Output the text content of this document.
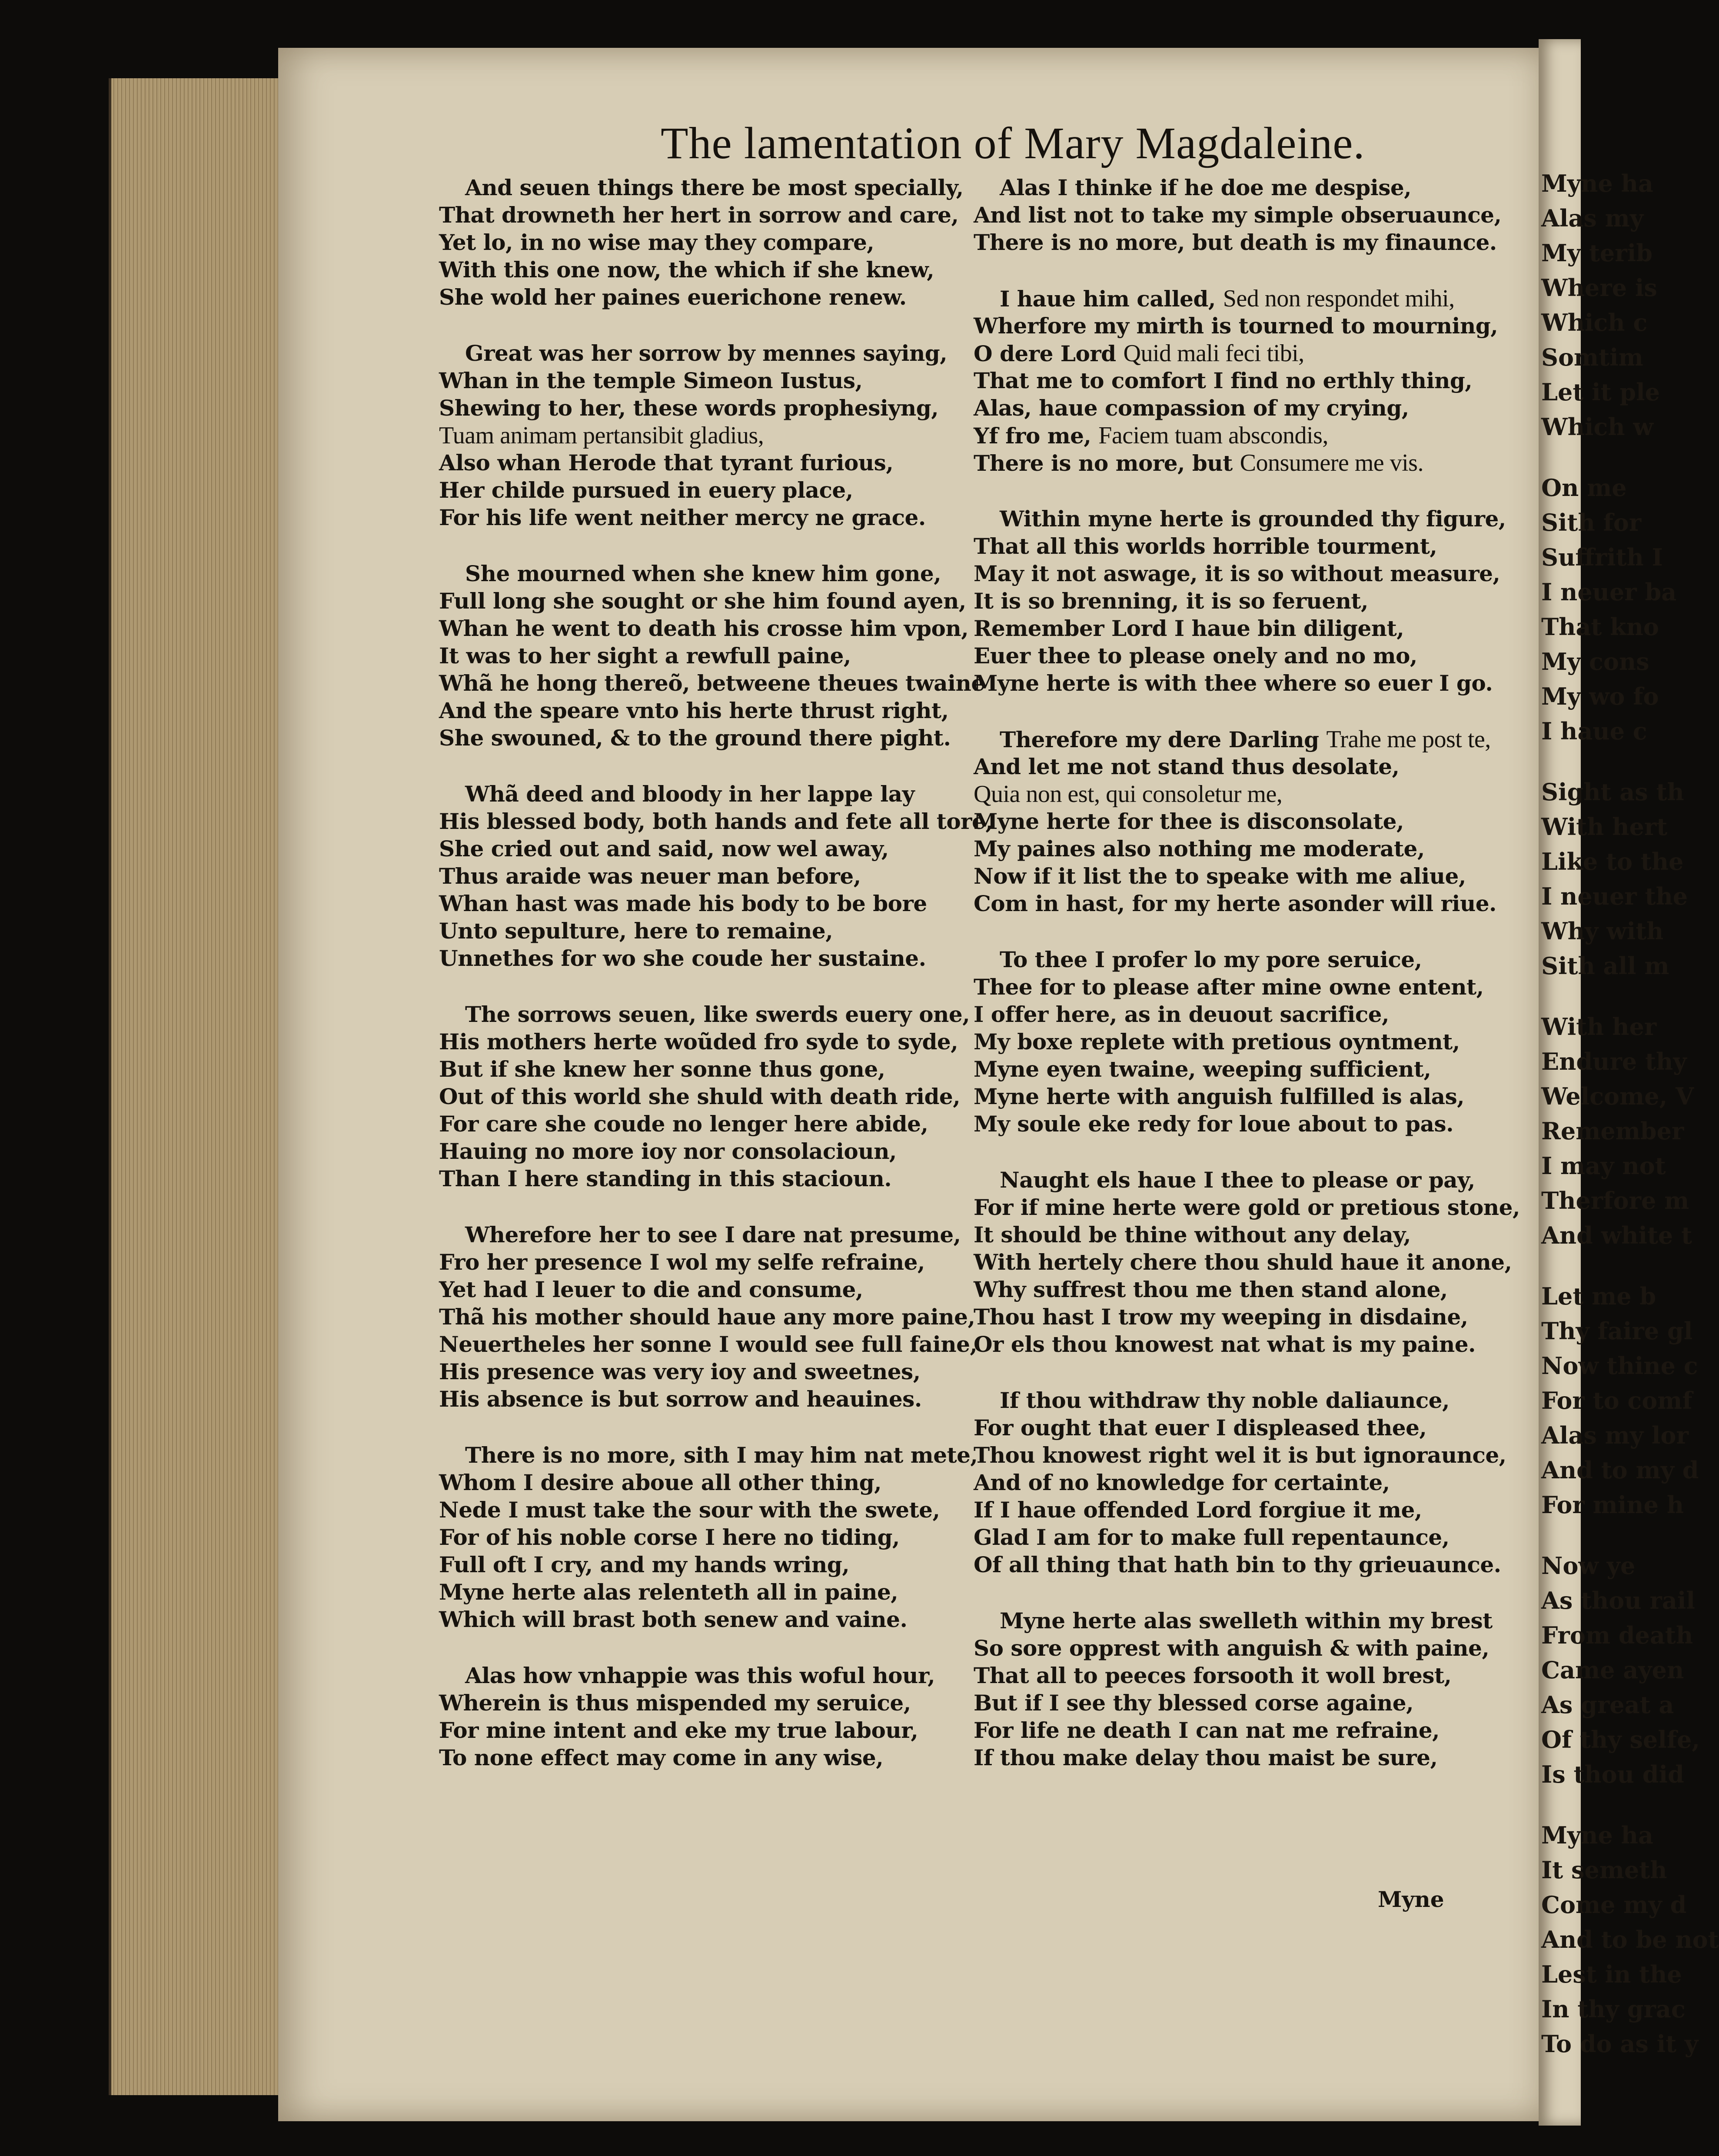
Myne ha
Alas my
My terib
Where is
Which c
Somtim
Let it ple
Which w
On me
Sith for
Suffrith I
I neuer ba
That kno
My cons
My wo fo
I haue c
Sight as th
With hert
Like to the
I neuer the
Why with
Sith all m
With her
Endure thy
Welcome, V
Remember
I may not
Therfore m
And white t
Let me b
Thy faire gl
Now thine c
For to comf
Alas my lor
And to my d
For mine h
Now ye
As thou rail
From death
Came ayen
As great a
Of thy selfe,
Is thou did
Myne ha
It semeth
Come my d
And to be not
Lest in the
In thy grac
To do as it y
The lamentation of Mary Magdaleine.
And seuen things there be most specially,
That drowneth her hert in sorrow and care,
Yet lo, in no wise may they compare,
With this one now, the which if she knew,
She wold her paines euerichone renew.
Great was her sorrow by mennes saying,
Whan in the temple Simeon Iustus,
Shewing to her, these words prophesiyng,
Tuam animam pertansibit gladius,
Also whan Herode that tyrant furious,
Her childe pursued in euery place,
For his life went neither mercy ne grace.
She mourned when she knew him gone,
Full long she sought or she him found ayen,
Whan he went to death his crosse him vpon,
It was to her sight a rewfull paine,
Whã he hong thereõ, betweene theues twaine
And the speare vnto his herte thrust right,
She swouned, & to the ground there pight.
Whã deed and bloody in her lappe lay
His blessed body, both hands and fete all tore,
She cried out and said, now wel away,
Thus araide was neuer man before,
Whan hast was made his body to be bore
Unto sepulture, here to remaine,
Unnethes for wo she coude her sustaine.
The sorrows seuen, like swerds euery one,
His mothers herte woũded fro syde to syde,
But if she knew her sonne thus gone,
Out of this world she shuld with death ride,
For care she coude no lenger here abide,
Hauing no more ioy nor consolacioun,
Than I here standing in this stacioun.
Wherefore her to see I dare nat presume,
Fro her presence I wol my selfe refraine,
Yet had I leuer to die and consume,
Thã his mother should haue any more paine,
Neuertheles her sonne I would see full faine,
His presence was very ioy and sweetnes,
His absence is but sorrow and heauines.
There is no more, sith I may him nat mete,
Whom I desire aboue all other thing,
Nede I must take the sour with the swete,
For of his noble corse I here no tiding,
Full oft I cry, and my hands wring,
Myne herte alas relenteth all in paine,
Which will brast both senew and vaine.
Alas how vnhappie was this woful hour,
Wherein is thus mispended my seruice,
For mine intent and eke my true labour,
To none effect may come in any wise,
Alas I thinke if he doe me despise,
And list not to take my simple obseruaunce,
There is no more, but death is my finaunce.
I haue him called, Sed non respondet mihi,
Wherfore my mirth is tourned to mourning,
O dere Lord Quid mali feci tibi,
That me to comfort I find no erthly thing,
Alas, haue compassion of my crying,
Yf fro me, Faciem tuam abscondis,
There is no more, but Consumere me vis.
Within myne herte is grounded thy figure,
That all this worlds horrible tourment,
May it not aswage, it is so without measure,
It is so brenning, it is so feruent,
Remember Lord I haue bin diligent,
Euer thee to please onely and no mo,
Myne herte is with thee where so euer I go.
Therefore my dere Darling Trahe me post te,
And let me not stand thus desolate,
Quia non est, qui consoletur me,
Myne herte for thee is disconsolate,
My paines also nothing me moderate,
Now if it list the to speake with me aliue,
Com in hast, for my herte asonder will riue.
To thee I profer lo my pore seruice,
Thee for to please after mine owne entent,
I offer here, as in deuout sacrifice,
My boxe replete with pretious oyntment,
Myne eyen twaine, weeping sufficient,
Myne herte with anguish fulfilled is alas,
My soule eke redy for loue about to pas.
Naught els haue I thee to please or pay,
For if mine herte were gold or pretious stone,
It should be thine without any delay,
With hertely chere thou shuld haue it anone,
Why suffrest thou me then stand alone,
Thou hast I trow my weeping in disdaine,
Or els thou knowest nat what is my paine.
If thou withdraw thy noble daliaunce,
For ought that euer I displeased thee,
Thou knowest right wel it is but ignoraunce,
And of no knowledge for certainte,
If I haue offended Lord forgiue it me,
Glad I am for to make full repentaunce,
Of all thing that hath bin to thy grieuaunce.
Myne herte alas swelleth within my brest
So sore opprest with anguish & with paine,
That all to peeces forsooth it woll brest,
But if I see thy blessed corse againe,
For life ne death I can nat me refraine,
If thou make delay thou maist be sure,
Myne
